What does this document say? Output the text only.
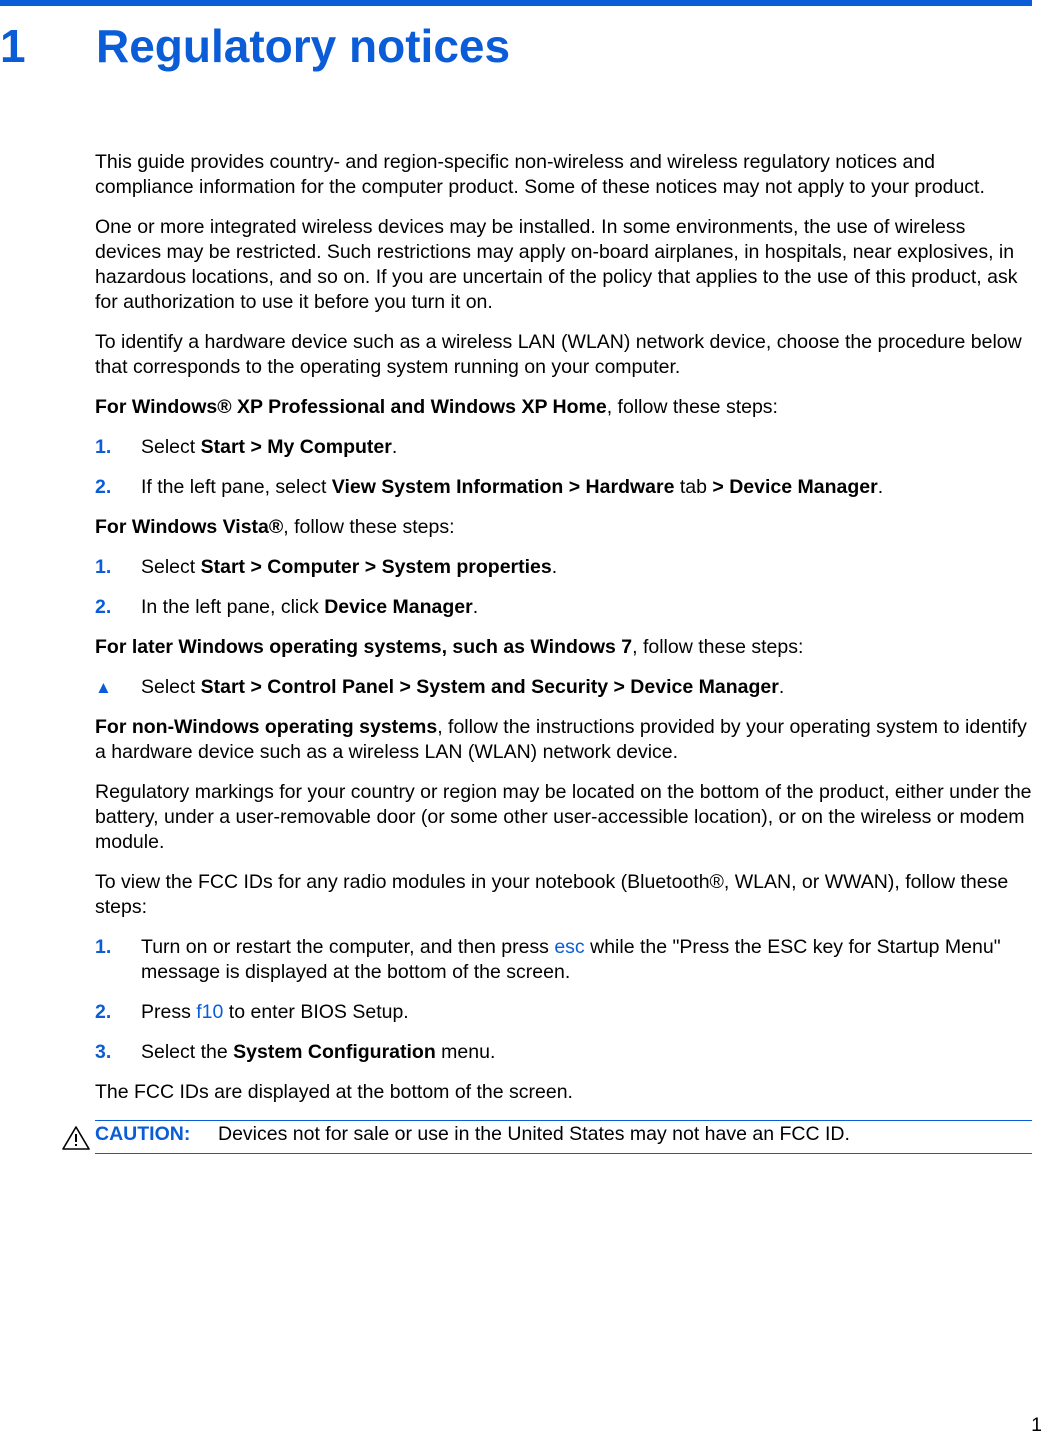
1 Regulatory notices

This guide provides country- and region-specific non-wireless and wireless regulatory notices and compliance information for the computer product. Some of these notices may not apply to your product.

One or more integrated wireless devices may be installed. In some environments, the use of wireless devices may be restricted. Such restrictions may apply on-board airplanes, in hospitals, near explosives, in hazardous locations, and so on. If you are uncertain of the policy that applies to the use of this product, ask for authorization to use it before you turn it on.

To identify a hardware device such as a wireless LAN (WLAN) network device, choose the procedure below that corresponds to the operating system running on your computer.

For Windows® XP Professional and Windows XP Home, follow these steps:

1. Select Start > My Computer.
2. If the left pane, select View System Information > Hardware tab > Device Manager.

For Windows Vista®, follow these steps:

1. Select Start > Computer > System properties.
2. In the left pane, click Device Manager.

For later Windows operating systems, such as Windows 7, follow these steps:

▲ Select Start > Control Panel > System and Security > Device Manager.

For non-Windows operating systems, follow the instructions provided by your operating system to identify a hardware device such as a wireless LAN (WLAN) network device.

Regulatory markings for your country or region may be located on the bottom of the product, either under the battery, under a user-removable door (or some other user-accessible location), or on the wireless or modem module.

To view the FCC IDs for any radio modules in your notebook (Bluetooth®, WLAN, or WWAN), follow these steps:

1. Turn on or restart the computer, and then press esc while the "Press the ESC key for Startup Menu" message is displayed at the bottom of the screen.
2. Press f10 to enter BIOS Setup.
3. Select the System Configuration menu.

The FCC IDs are displayed at the bottom of the screen.

CAUTION: Devices not for sale or use in the United States may not have an FCC ID.
1
